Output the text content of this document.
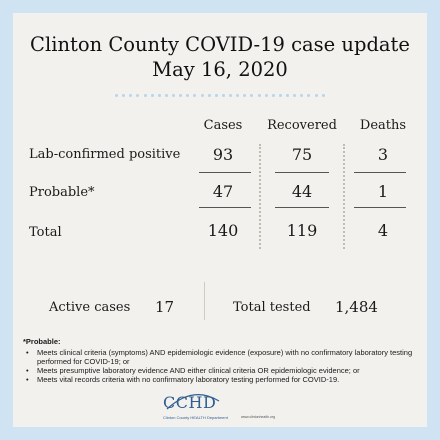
Clinton County COVID-19 case update
May 16, 2020
Cases	Recovered	Deaths
Lab-confirmed positive	93	75	3
Probable*	47	44	1
Total	140	119	4
Active cases 17	Total tested 1,484
*Probable:
• Meets clinical criteria (symptoms) AND epidemiologic evidence (exposure) with no confirmatory laboratory testing performed for COVID-19; or
• Meets presumptive laboratory evidence AND either clinical criteria OR epidemiologic evidence; or
• Meets vital records criteria with no confirmatory laboratory testing performed for COVID-19.
CCHD
Clinton County HEALTH Department	www.clintonhealth.org
